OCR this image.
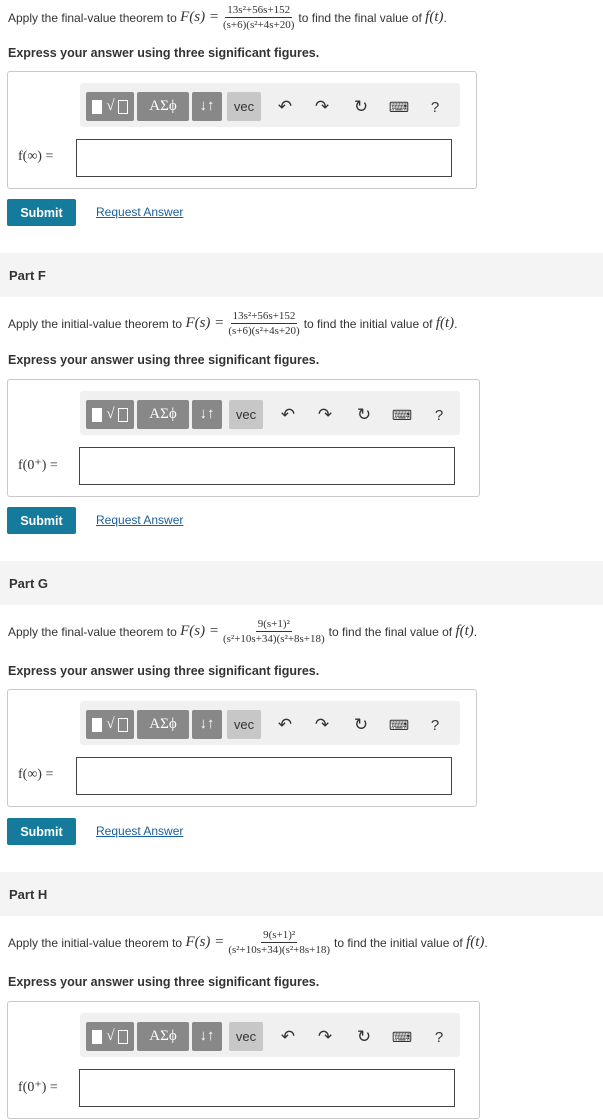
Apply the final-value theorem to
$F(s) = \frac{\text{13s²+56s+152}}{\text{(s+6)(s²+4s+20)}}$ to find the final value of
f(t) .
Express your answer using three significant figures.
√	ΑΣϕ	↓↑	vec	↶ ↷ ↻ ⌨	?
f(∞) =
Submit	Request Answer
Part F
Apply the initial-value theorem to
$F(s) = \frac{\text{13s²+56s+152}}{\text{(s+6)(s²+4s+20)}}$ to find the initial value of
f(t) .
Express your answer using three significant figures.
√	ΑΣϕ	↓↑	vec	↶ ↷ ↻ ⌨	?
f(0⁺) =
Submit	Request Answer
Part G
Apply the final-value theorem to
$F(s) = \frac{\text{9(s+1)²}}{\text{(s²+10s+34)(s²+8s+18)}}$ to find the final value of
f(t) .
Express your answer using three significant figures.
√	ΑΣϕ	↓↑	vec	↶ ↷ ↻ ⌨	?
f(∞) =
Submit	Request Answer
Part H
Apply the initial-value theorem to
$F(s) = \frac{\text{9(s+1)²}}{\text{(s²+10s+34)(s²+8s+18)}}$ to find the initial value of
f(t) .
Express your answer using three significant figures.
√	ΑΣϕ	↓↑	vec	↶ ↷ ↻ ⌨	?
f(0⁺) =
